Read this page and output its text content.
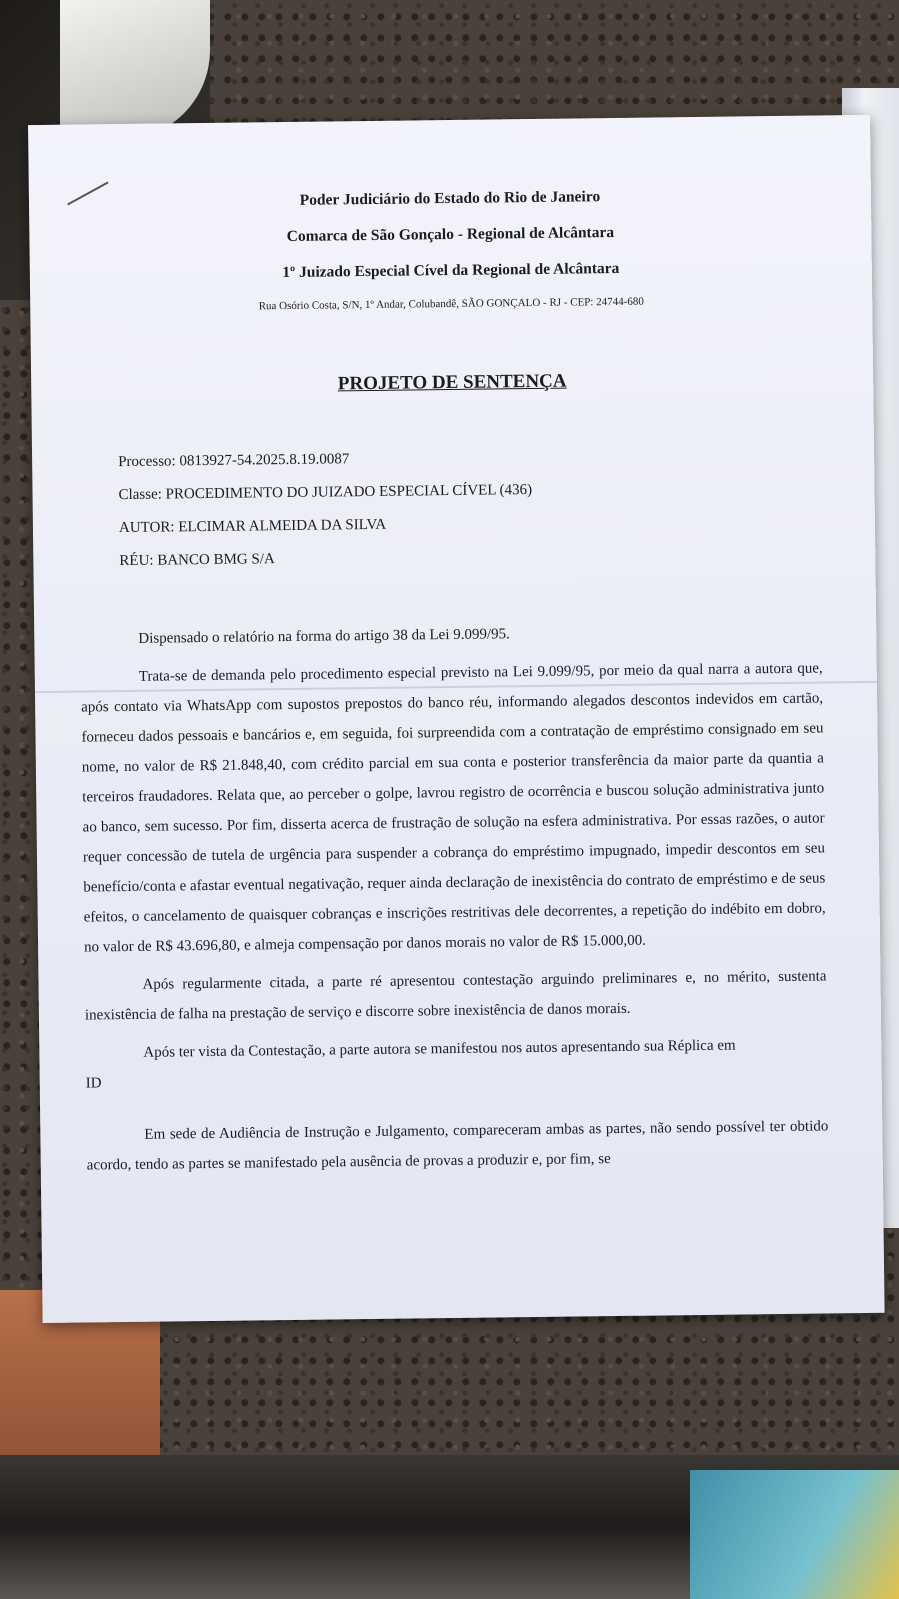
Poder Judiciário do Estado do Rio de Janeiro
Comarca de São Gonçalo - Regional de Alcântara
1º Juizado Especial Cível da Regional de Alcântara
Rua Osório Costa, S/N, 1º Andar, Colubandê, SÃO GONÇALO - RJ - CEP: 24744-680
PROJETO DE SENTENÇA
Processo: 0813927-54.2025.8.19.0087
Classe: PROCEDIMENTO DO JUIZADO ESPECIAL CÍVEL (436)
AUTOR: ELCIMAR ALMEIDA DA SILVA
RÉU: BANCO BMG S/A

Dispensado o relatório na forma do artigo 38 da Lei 9.099/95.

Trata-se de demanda pelo procedimento especial previsto na Lei 9.099/95, por meio da qual narra a autora que, após contato via WhatsApp com supostos prepostos do banco réu, informando alegados descontos indevidos em cartão, forneceu dados pessoais e bancários e, em seguida, foi surpreendida com a contratação de empréstimo consignado em seu nome, no valor de R$ 21.848,40, com crédito parcial em sua conta e posterior transferência da maior parte da quantia a terceiros fraudadores. Relata que, ao perceber o golpe, lavrou registro de ocorrência e buscou solução administrativa junto ao banco, sem sucesso. Por fim, disserta acerca de frustração de solução na esfera administrativa. Por essas razões, o autor requer concessão de tutela de urgência para suspender a cobrança do empréstimo impugnado, impedir descontos em seu benefício/conta e afastar eventual negativação, requer ainda declaração de inexistência do contrato de empréstimo e de seus efeitos, o cancelamento de quaisquer cobranças e inscrições restritivas dele decorrentes, a repetição do indébito em dobro, no valor de R$ 43.696,80, e almeja compensação por danos morais no valor de R$ 15.000,00.

Após regularmente citada, a parte ré apresentou contestação arguindo preliminares e, no mérito, sustenta inexistência de falha na prestação de serviço e discorre sobre inexistência de danos morais.

Após ter vista da Contestação, a parte autora se manifestou nos autos apresentando sua Réplica em

ID

Em sede de Audiência de Instrução e Julgamento, compareceram ambas as partes, não sendo possível ter obtido acordo, tendo as partes se manifestado pela ausência de provas a produzir e, por fim, se
